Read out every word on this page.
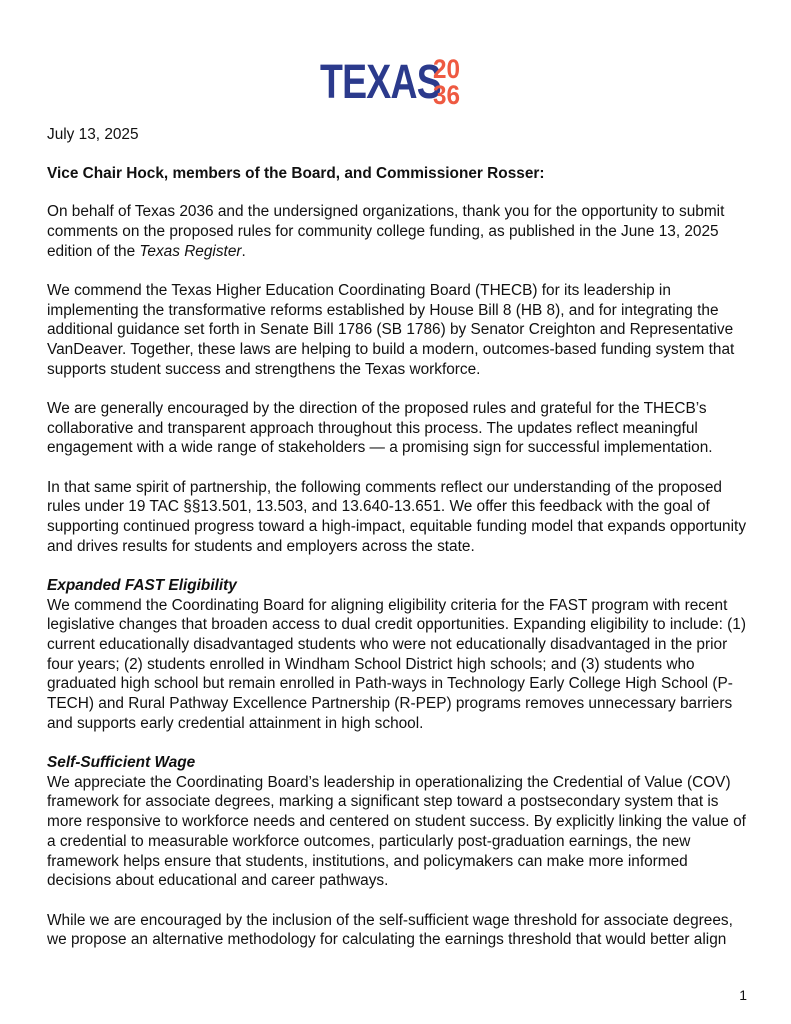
TEXAS
20
36

July 13, 2025

Vice Chair Hock, members of the Board, and Commissioner Rosser:

On behalf of Texas 2036 and the undersigned organizations, thank you for the opportunity to submit comments on the proposed rules for community college funding, as published in the June 13, 2025 edition of the Texas Register.

We commend the Texas Higher Education Coordinating Board (THECB) for its leadership in implementing the transformative reforms established by House Bill 8 (HB 8), and for integrating the additional guidance set forth in Senate Bill 1786 (SB 1786) by Senator Creighton and Representative VanDeaver. Together, these laws are helping to build a modern, outcomes-based funding system that supports student success and strengthens the Texas workforce.

We are generally encouraged by the direction of the proposed rules and grateful for the THECB’s collaborative and transparent approach throughout this process. The updates reflect meaningful engagement with a wide range of stakeholders — a promising sign for successful implementation.

In that same spirit of partnership, the following comments reflect our understanding of the proposed rules under 19 TAC §§13.501, 13.503, and 13.640-13.651. We offer this feedback with the goal of supporting continued progress toward a high-impact, equitable funding model that expands opportunity and drives results for students and employers across the state.

Expanded FAST Eligibility

We commend the Coordinating Board for aligning eligibility criteria for the FAST program with recent legislative changes that broaden access to dual credit opportunities. Expanding eligibility to include: (1) current educationally disadvantaged students who were not educationally disadvantaged in the prior four years; (2) students enrolled in Windham School District high schools; and (3) students who graduated high school but remain enrolled in Path-ways in Technology Early College High School (P-TECH) and Rural Pathway Excellence Partnership (R-PEP) programs removes unnecessary barriers and supports early credential attainment in high school.

Self-Sufficient Wage

We appreciate the Coordinating Board’s leadership in operationalizing the Credential of Value (COV) framework for associate degrees, marking a significant step toward a postsecondary system that is more responsive to workforce needs and centered on student success. By explicitly linking the value of a credential to measurable workforce outcomes, particularly post-graduation earnings, the new framework helps ensure that students, institutions, and policymakers can make more informed decisions about educational and career pathways.

While we are encouraged by the inclusion of the self-sufficient wage threshold for associate degrees, we propose an alternative methodology for calculating the earnings threshold that would better align

1
